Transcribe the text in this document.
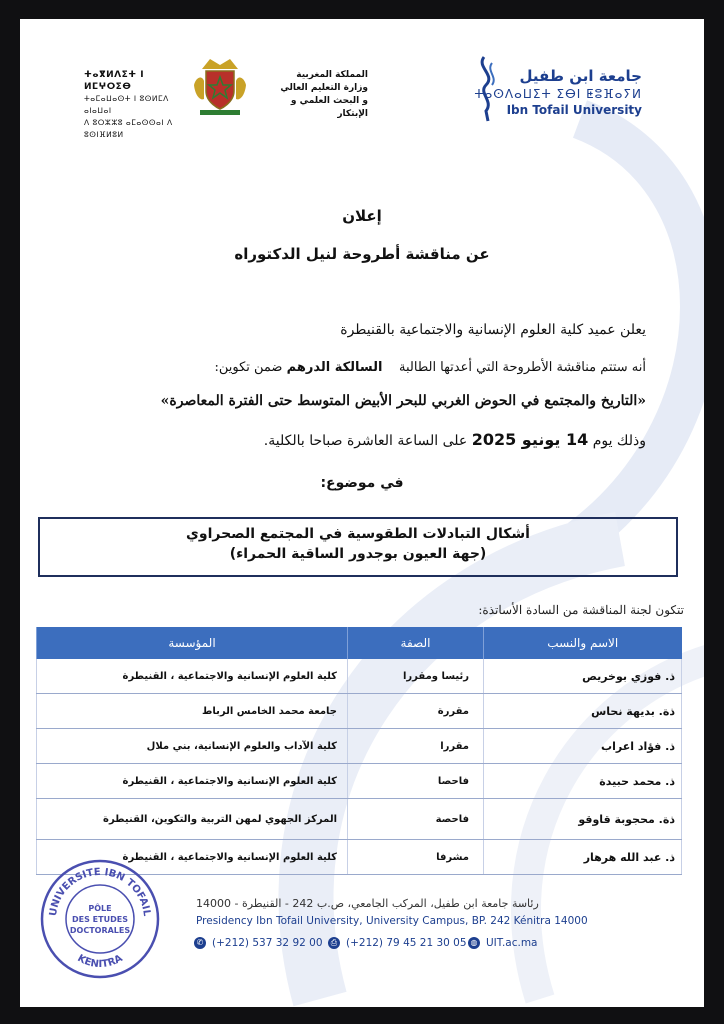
جامعة ابن طفيل
ⵜⴰⵙⴷⴰⵡⵉⵜ ⵉⴱⵏ ⵟⵓⴼⴰⵢⵍ
Ibn Tofail University
المملكة المغربية
وزارة التعليم العالي
و البحث العلمي و الإبتكار
ⵜⴰⴳⵍⴷⵉⵜ ⵏ ⵍⵎⵖⵔⵉⴱ
ⵜⴰⵎⴰⵡⴰⵙⵜ ⵏ ⵓⵙⵍⵎⴷ ⴰⵏⴰⵡⴰⵏ
ⴷ ⵓⵔⵣⵣⵓ ⴰⵎⴰⵙⵙⴰⵏ ⴷ ⵓⵙⵏⴼⵍⵓⵍ
إعلان
عن مناقشة أطروحة لنيل الدكتوراه
يعلن عميد كلية العلوم الإنسانية والاجتماعية بالقنيطرة
أنه ستتم مناقشة الأطروحة التي أعدتها الطالبة    السالكة الدرهم ضمن تكوين:
«التاريخ والمجتمع في الحوض الغربي للبحر الأبيض المتوسط حتى الفترة المعاصرة»
وذلك يوم 14 يونيو 2025 على الساعة العاشرة صباحا بالكلية.
في موضوع:
أشكال التبادلات الطقوسية في المجتمع الصحراوي
(جهة العيون بوجدور الساقية الحمراء)
تتكون لجنة المناقشة من السادة الأساتذة:
الاسم والنسب	الصفة	المؤسسة
ذ. فوزي بوخريص	رئيسا ومقررا	كلية العلوم الإنسانية والاجتماعية ، القنيطرة
ذة. بديهة نحاس	مقررة	جامعة محمد الخامس الرباط
ذ. فؤاد اعراب	مقررا	كلية الآداب والعلوم الإنسانية، بني ملال
ذ. محمد حبيدة	فاحصا	كلية العلوم الإنسانية والاجتماعية ، القنيطرة
ذة. محجوبة قاوقو	فاحصة	المركز الجهوي لمهن التربية والتكوين، القنيطرة
ذ. عبد الله هرهار	مشرفا	كلية العلوم الإنسانية والاجتماعية ، القنيطرة
UNIVERSITE IBN TOFAIL
KENITRA
PÔLE
DES ETUDES
DOCTORALES
رئاسة جامعة ابن طفيل، المركب الجامعي، ص.ب 242 - القنيطرة - 14000
Presidency Ibn Tofail University, University Campus, BP. 242 Kénitra 14000
✆ (+212) 537 32 92 00	⎙ (+212) 79 45 21 30 05 ◍ UIT.ac.ma
